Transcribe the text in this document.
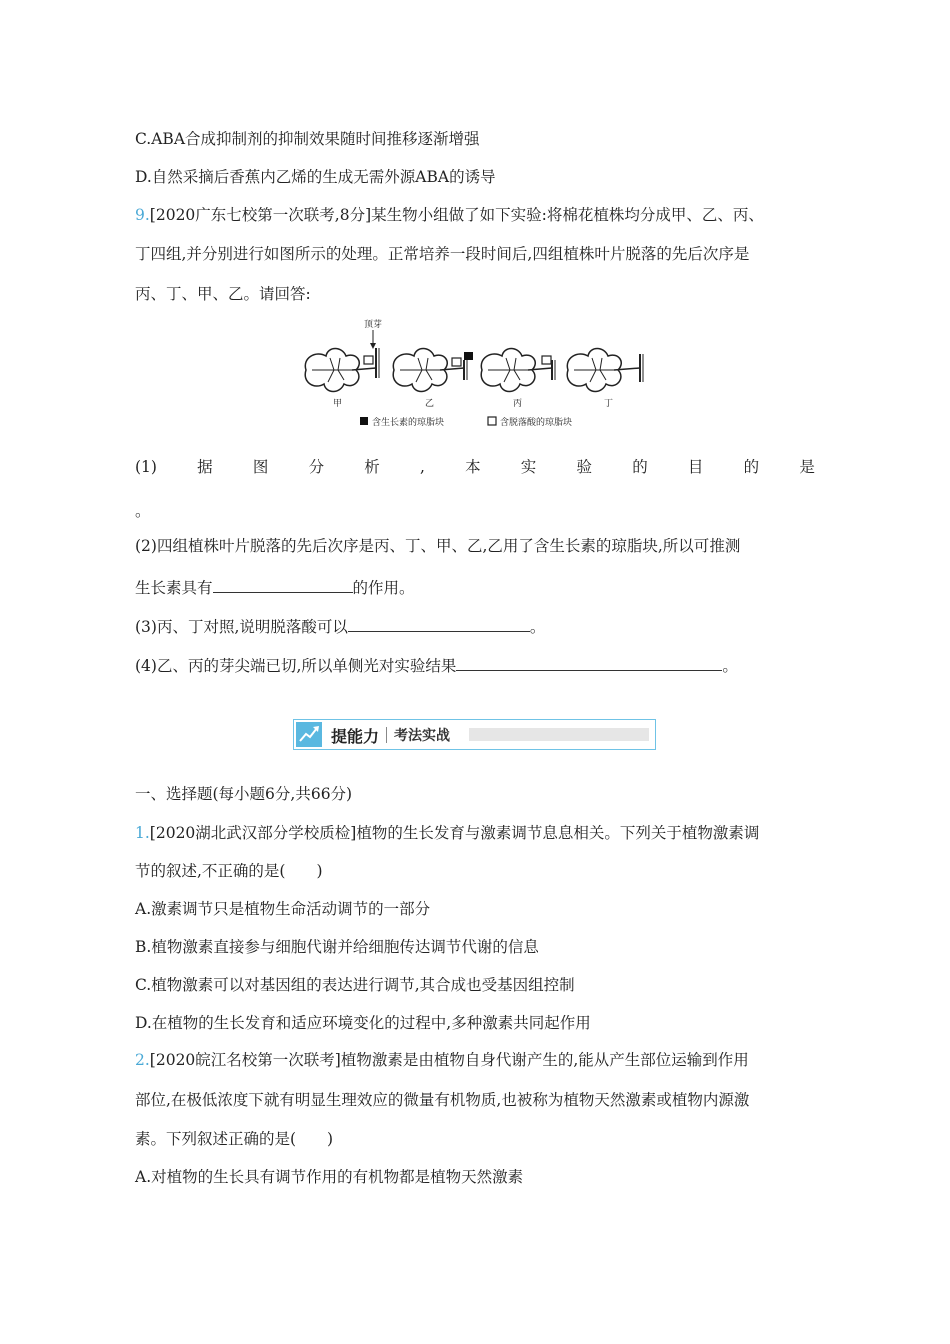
C.ABA合成抑制剂的抑制效果随时间推移逐渐增强
D.自然采摘后香蕉内乙烯的生成无需外源ABA的诱导
9.[2020广东七校第一次联考,8分]某生物小组做了如下实验:将棉花植株均分成甲、乙、丙、
丁四组,并分别进行如图所示的处理。正常培养一段时间后,四组植株叶片脱落的先后次序是
丙、丁、甲、乙。请回答:
顶芽
甲	乙	丙	丁
含生长素的琼脂块	含脱落酸的琼脂块
(1)	据	图	分	析	,	本	实	验	的	目	的	是
。
(2)四组植株叶片脱落的先后次序是丙、丁、甲、乙,乙用了含生长素的琼脂块,所以可推测
生长素具有	的作用。
(3)丙、丁对照,说明脱落酸可以	。
(4)乙、丙的芽尖端已切,所以单侧光对实验结果	。
提能力 考法实战
一、选择题(每小题6分,共66分)
1.[2020湖北武汉部分学校质检]植物的生长发育与激素调节息息相关。下列关于植物激素调
节的叙述,不正确的是(　　)
A.激素调节只是植物生命活动调节的一部分
B.植物激素直接参与细胞代谢并给细胞传达调节代谢的信息
C.植物激素可以对基因组的表达进行调节,其合成也受基因组控制
D.在植物的生长发育和适应环境变化的过程中,多种激素共同起作用
2.[2020皖江名校第一次联考]植物激素是由植物自身代谢产生的,能从产生部位运输到作用
部位,在极低浓度下就有明显生理效应的微量有机物质,也被称为植物天然激素或植物内源激
素。下列叙述正确的是(　　)
A.对植物的生长具有调节作用的有机物都是植物天然激素
